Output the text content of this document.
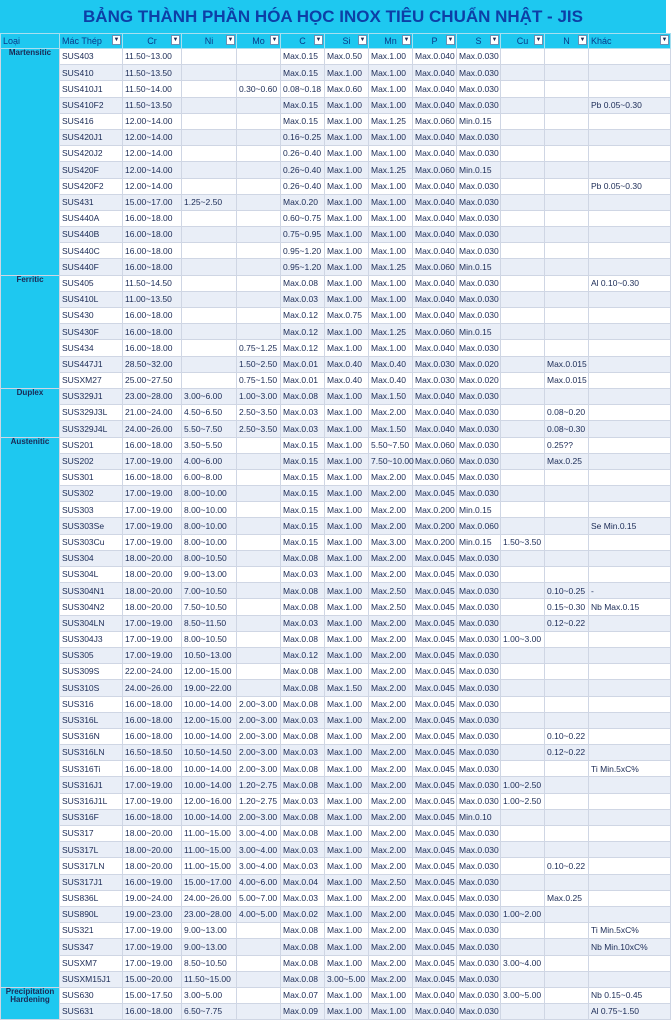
BẢNG THÀNH PHẦN HÓA HỌC INOX TIÊU CHUẨN NHẬT - JIS
Loại	Mác Thép ▼	Cr ▼	Ni ▼	Mo ▼	C ▼	Si ▼	Mn ▼	P ▼	S ▼	Cu ▼	N ▼	Khác ▼

Martensitic	SUS403	11.50~13.00			Max.0.15	Max.0.50	Max.1.00	Max.0.040	Max.0.030			
	SUS410	11.50~13.50			Max.0.15	Max.1.00	Max.1.00	Max.0.040	Max.0.030			
	SUS410J1	11.50~14.00		0.30~0.60	0.08~0.18	Max.0.60	Max.1.00	Max.0.040	Max.0.030			
	SUS410F2	11.50~13.50			Max.0.15	Max.1.00	Max.1.00	Max.0.040	Max.0.030			Pb 0.05~0.30
	SUS416	12.00~14.00			Max.0.15	Max.1.00	Max.1.25	Max.0.060	Min.0.15			
	SUS420J1	12.00~14.00			0.16~0.25	Max.1.00	Max.1.00	Max.0.040	Max.0.030			
	SUS420J2	12.00~14.00			0.26~0.40	Max.1.00	Max.1.00	Max.0.040	Max.0.030			
	SUS420F	12.00~14.00			0.26~0.40	Max.1.00	Max.1.25	Max.0.060	Min.0.15			
	SUS420F2	12.00~14.00			0.26~0.40	Max.1.00	Max.1.00	Max.0.040	Max.0.030			Pb 0.05~0.30
	SUS431	15.00~17.00	1.25~2.50		Max.0.20	Max.1.00	Max.1.00	Max.0.040	Max.0.030			
	SUS440A	16.00~18.00			0.60~0.75	Max.1.00	Max.1.00	Max.0.040	Max.0.030			
	SUS440B	16.00~18.00			0.75~0.95	Max.1.00	Max.1.00	Max.0.040	Max.0.030			
	SUS440C	16.00~18.00			0.95~1.20	Max.1.00	Max.1.00	Max.0.040	Max.0.030			
	SUS440F	16.00~18.00			0.95~1.20	Max.1.00	Max.1.25	Max.0.060	Min.0.15			
Ferritic	SUS405	11.50~14.50			Max.0.08	Max.1.00	Max.1.00	Max.0.040	Max.0.030			Al 0.10~0.30
	SUS410L	11.00~13.50			Max.0.03	Max.1.00	Max.1.00	Max.0.040	Max.0.030			
	SUS430	16.00~18.00			Max.0.12	Max.0.75	Max.1.00	Max.0.040	Max.0.030			
	SUS430F	16.00~18.00			Max.0.12	Max.1.00	Max.1.25	Max.0.060	Min.0.15			
	SUS434	16.00~18.00		0.75~1.25	Max.0.12	Max.1.00	Max.1.00	Max.0.040	Max.0.030			
	SUS447J1	28.50~32.00		1.50~2.50	Max.0.01	Max.0.40	Max.0.40	Max.0.030	Max.0.020		Max.0.015	
	SUSXM27	25.00~27.50		0.75~1.50	Max.0.01	Max.0.40	Max.0.40	Max.0.030	Max.0.020		Max.0.015	
Duplex	SUS329J1	23.00~28.00	3.00~6.00	1.00~3.00	Max.0.08	Max.1.00	Max.1.50	Max.0.040	Max.0.030			
	SUS329J3L	21.00~24.00	4.50~6.50	2.50~3.50	Max.0.03	Max.1.00	Max.2.00	Max.0.040	Max.0.030		0.08~0.20	
	SUS329J4L	24.00~26.00	5.50~7.50	2.50~3.50	Max.0.03	Max.1.00	Max.1.50	Max.0.040	Max.0.030		0.08~0.30	
Austenitic	SUS201	16.00~18.00	3.50~5.50		Max.0.15	Max.1.00	5.50~7.50	Max.0.060	Max.0.030		0.25??	
	SUS202	17.00~19.00	4.00~6.00		Max.0.15	Max.1.00	7.50~10.00	Max.0.060	Max.0.030		Max.0.25	
	SUS301	16.00~18.00	6.00~8.00		Max.0.15	Max.1.00	Max.2.00	Max.0.045	Max.0.030			
	SUS302	17.00~19.00	8.00~10.00		Max.0.15	Max.1.00	Max.2.00	Max.0.045	Max.0.030			
	SUS303	17.00~19.00	8.00~10.00		Max.0.15	Max.1.00	Max.2.00	Max.0.200	Min.0.15			
	SUS303Se	17.00~19.00	8.00~10.00		Max.0.15	Max.1.00	Max.2.00	Max.0.200	Max.0.060			Se Min.0.15
	SUS303Cu	17.00~19.00	8.00~10.00		Max.0.15	Max.1.00	Max.3.00	Max.0.200	Min.0.15	1.50~3.50		
	SUS304	18.00~20.00	8.00~10.50		Max.0.08	Max.1.00	Max.2.00	Max.0.045	Max.0.030			
	SUS304L	18.00~20.00	9.00~13.00		Max.0.03	Max.1.00	Max.2.00	Max.0.045	Max.0.030			
	SUS304N1	18.00~20.00	7.00~10.50		Max.0.08	Max.1.00	Max.2.50	Max.0.045	Max.0.030		0.10~0.25	-
	SUS304N2	18.00~20.00	7.50~10.50		Max.0.08	Max.1.00	Max.2.50	Max.0.045	Max.0.030		0.15~0.30	Nb Max.0.15
	SUS304LN	17.00~19.00	8.50~11.50		Max.0.03	Max.1.00	Max.2.00	Max.0.045	Max.0.030		0.12~0.22	
	SUS304J3	17.00~19.00	8.00~10.50		Max.0.08	Max.1.00	Max.2.00	Max.0.045	Max.0.030	1.00~3.00		
	SUS305	17.00~19.00	10.50~13.00		Max.0.12	Max.1.00	Max.2.00	Max.0.045	Max.0.030			
	SUS309S	22.00~24.00	12.00~15.00		Max.0.08	Max.1.00	Max.2.00	Max.0.045	Max.0.030			
	SUS310S	24.00~26.00	19.00~22.00		Max.0.08	Max.1.50	Max.2.00	Max.0.045	Max.0.030			
	SUS316	16.00~18.00	10.00~14.00	2.00~3.00	Max.0.08	Max.1.00	Max.2.00	Max.0.045	Max.0.030			
	SUS316L	16.00~18.00	12.00~15.00	2.00~3.00	Max.0.03	Max.1.00	Max.2.00	Max.0.045	Max.0.030			
	SUS316N	16.00~18.00	10.00~14.00	2.00~3.00	Max.0.08	Max.1.00	Max.2.00	Max.0.045	Max.0.030		0.10~0.22	
	SUS316LN	16.50~18.50	10.50~14.50	2.00~3.00	Max.0.03	Max.1.00	Max.2.00	Max.0.045	Max.0.030		0.12~0.22	
	SUS316Ti	16.00~18.00	10.00~14.00	2.00~3.00	Max.0.08	Max.1.00	Max.2.00	Max.0.045	Max.0.030			Ti Min.5xC%
	SUS316J1	17.00~19.00	10.00~14.00	1.20~2.75	Max.0.08	Max.1.00	Max.2.00	Max.0.045	Max.0.030	1.00~2.50		
	SUS316J1L	17.00~19.00	12.00~16.00	1.20~2.75	Max.0.03	Max.1.00	Max.2.00	Max.0.045	Max.0.030	1.00~2.50		
	SUS316F	16.00~18.00	10.00~14.00	2.00~3.00	Max.0.08	Max.1.00	Max.2.00	Max.0.045	Min.0.10			
	SUS317	18.00~20.00	11.00~15.00	3.00~4.00	Max.0.08	Max.1.00	Max.2.00	Max.0.045	Max.0.030			
	SUS317L	18.00~20.00	11.00~15.00	3.00~4.00	Max.0.03	Max.1.00	Max.2.00	Max.0.045	Max.0.030			
	SUS317LN	18.00~20.00	11.00~15.00	3.00~4.00	Max.0.03	Max.1.00	Max.2.00	Max.0.045	Max.0.030		0.10~0.22	
	SUS317J1	16.00~19.00	15.00~17.00	4.00~6.00	Max.0.04	Max.1.00	Max.2.50	Max.0.045	Max.0.030			
	SUS836L	19.00~24.00	24.00~26.00	5.00~7.00	Max.0.03	Max.1.00	Max.2.00	Max.0.045	Max.0.030		Max.0.25	
	SUS890L	19.00~23.00	23.00~28.00	4.00~5.00	Max.0.02	Max.1.00	Max.2.00	Max.0.045	Max.0.030	1.00~2.00		
	SUS321	17.00~19.00	9.00~13.00		Max.0.08	Max.1.00	Max.2.00	Max.0.045	Max.0.030			Ti Min.5xC%
	SUS347	17.00~19.00	9.00~13.00		Max.0.08	Max.1.00	Max.2.00	Max.0.045	Max.0.030			Nb Min.10xC%
	SUSXM7	17.00~19.00	8.50~10.50		Max.0.08	Max.1.00	Max.2.00	Max.0.045	Max.0.030	3.00~4.00		
	SUSXM15J1	15.00~20.00	11.50~15.00		Max.0.08	3.00~5.00	Max.2.00	Max.0.045	Max.0.030			
Precipitation Hardening	SUS630	15.00~17.50	3.00~5.00		Max.0.07	Max.1.00	Max.1.00	Max.0.040	Max.0.030	3.00~5.00		Nb 0.15~0.45
	SUS631	16.00~18.00	6.50~7.75		Max.0.09	Max.1.00	Max.1.00	Max.0.040	Max.0.030			Al 0.75~1.50
